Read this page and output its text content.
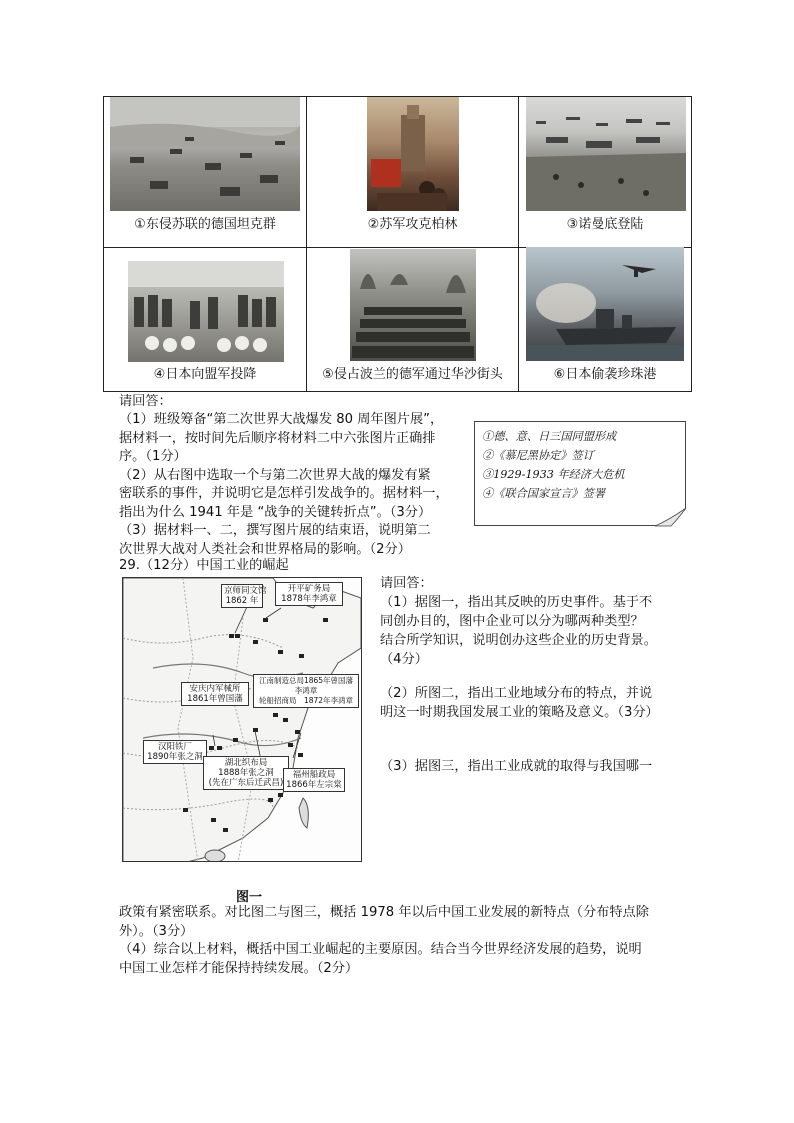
①东侵苏联的德国坦克群	②苏军攻克柏林	③诺曼底登陆
④日本向盟军投降	⑤侵占波兰的德军通过华沙街头	⑥日本偷袭珍珠港
请回答：
（1）班级筹备“第二次世界大战爆发 80 周年图片展”，
据材料一，按时间先后顺序将材料二中六张图片正确排
序。（1分）
（2）从右图中选取一个与第二次世界大战的爆发有紧
密联系的事件，并说明它是怎样引发战争的。据材料一，
指出为什么 1941 年是 “战争的关键转折点”。（3分）
（3）据材料一、二，撰写图片展的结束语，说明第二
次世界大战对人类社会和世界格局的影响。（2分）
①德、意、日三国同盟形成
②《慕尼黑协定》签订
③1929-1933 年经济大危机
④《联合国家宣言》签署
29.（12分）中国工业的崛起
请回答：
（1）据图一，指出其反映的历史事件。基于不
同创办目的，图中企业可以分为哪两种类型？
结合所学知识，说明创办这些企业的历史背景。
（4分）
（2）所图二，指出工业地域分布的特点，并说
明这一时期我国发展工业的策略及意义。（3分）
（3）据图三，指出工业成就的取得与我国哪一
京师同文馆
1862 年
开平矿务局
1878年李鸿章
安庆内军械所
1861年曾国藩
江南制造总局1865年曾国藩
李鸿章
轮船招商局　1872年李鸿章
汉阳铁厂
1890年张之洞
湖北织布局
1888年张之洞
(先在广东后迁武昌)
福州船政局
1866年左宗棠
图一
政策有紧密联系。对比图二与图三，概括 1978 年以后中国工业发展的新特点（分布特点除
外）。（3分）
（4）综合以上材料，概括中国工业崛起的主要原因。结合当今世界经济发展的趋势，说明
中国工业怎样才能保持持续发展。（2分）
